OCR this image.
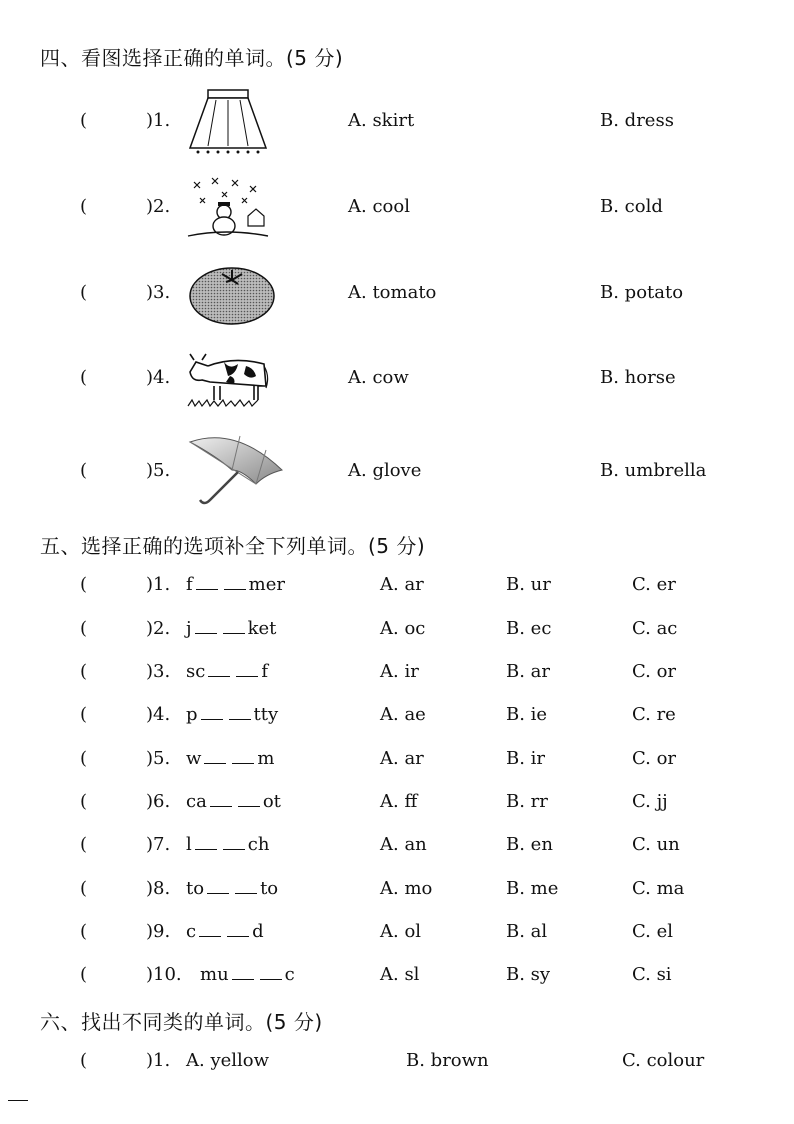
四、看图选择正确的单词。(5 分)
(	)1.	A. skirt	B. dress
(	)2.	A. cool	B. cold
(	)3.	A. tomato	B. potato
(	)4.	A. cow	B. horse
(	)5.	A. glove	B. umbrella
五、选择正确的选项补全下列单词。(5 分)
(	)1. f	mer	A. ar	B. ur	C. er
(	)2. j	ket	A. oc	B. ec	C. ac
(	)3. sc	f	A. ir	B. ar	C. or
(	)4. p	tty	A. ae	B. ie	C. re
(	)5. w	m	A. ar	B. ir	C. or
(	)6. ca	ot	A. ff	B. rr	C. jj
(	)7. l	ch	A. an	B. en	C. un
(	)8. to	to	A. mo	B. me	C. ma
(	)9. c	d	A. ol	B. al	C. el
(	)10. mu	c	A. sl	B. sy	C. si
六、找出不同类的单词。(5 分)
(	)1. A. yellow	B. brown	C. colour
